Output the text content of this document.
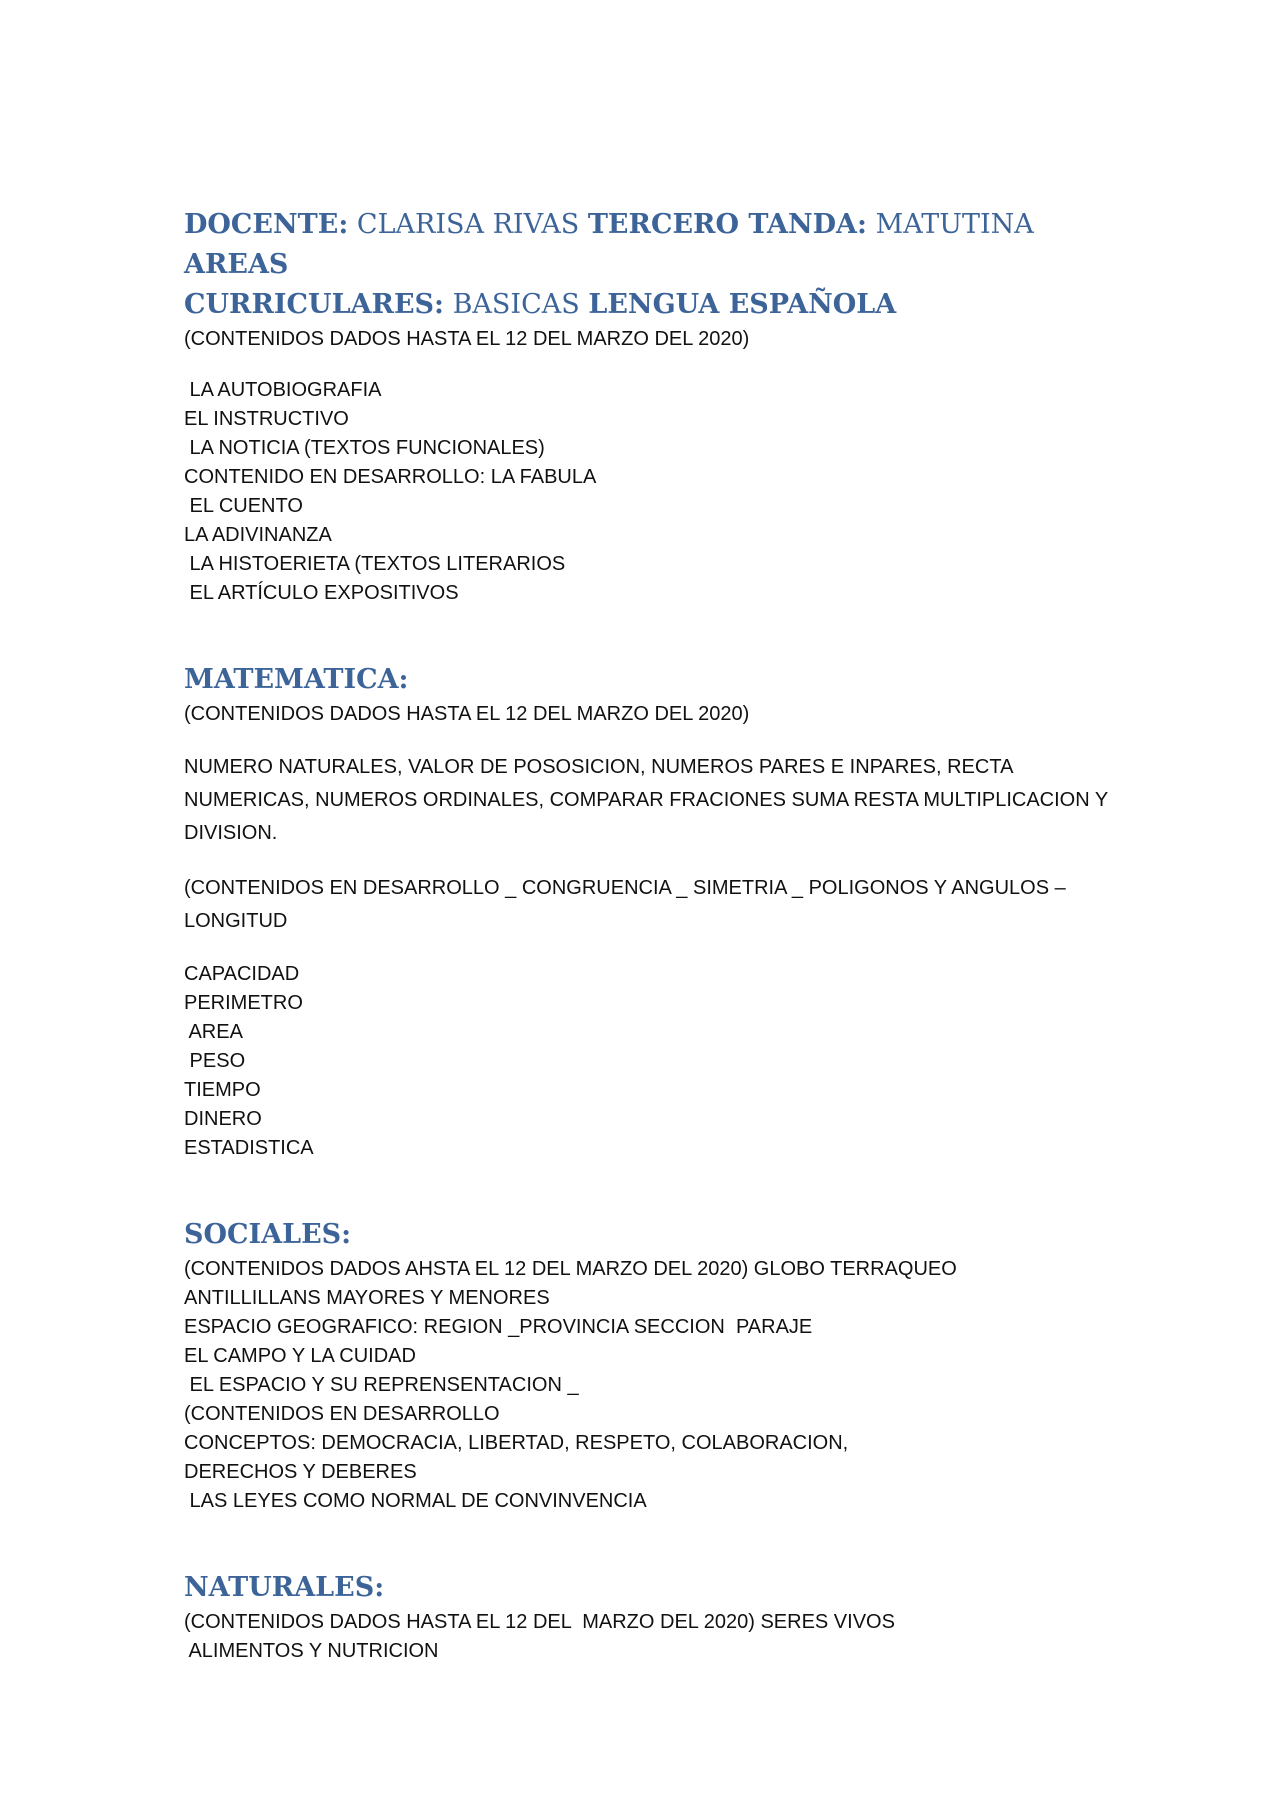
DOCENTE: CLARISA RIVAS TERCERO TANDA: MATUTINA AREAS

CURRICULARES: BASICAS LENGUA ESPAÑOLA

(CONTENIDOS DADOS HASTA EL 12 DEL MARZO DEL 2020)

LA AUTOBIOGRAFIA
EL INSTRUCTIVO
LA NOTICIA (TEXTOS FUNCIONALES)
CONTENIDO EN DESARROLLO: LA FABULA
EL CUENTO
LA ADIVINANZA
LA HISTOERIETA (TEXTOS LITERARIOS
EL ARTÍCULO EXPOSITIVOS

MATEMATICA:

(CONTENIDOS DADOS HASTA EL 12 DEL MARZO DEL 2020)

NUMERO NATURALES, VALOR DE POSOSICION, NUMEROS PARES E INPARES, RECTA NUMERICAS, NUMEROS ORDINALES, COMPARAR FRACIONES SUMA RESTA MULTIPLICACION Y DIVISION.

(CONTENIDOS EN DESARROLLO _ CONGRUENCIA _ SIMETRIA _ POLIGONOS Y ANGULOS – LONGITUD

CAPACIDAD
PERIMETRO
AREA
PESO
TIEMPO
DINERO
ESTADISTICA

SOCIALES:

(CONTENIDOS DADOS AHSTA EL 12 DEL MARZO DEL 2020) GLOBO TERRAQUEO
ANTILLILLANS MAYORES Y MENORES
ESPACIO GEOGRAFICO: REGION _PROVINCIA SECCION  PARAJE
EL CAMPO Y LA CUIDAD
EL ESPACIO Y SU REPRENSENTACION _
(CONTENIDOS EN DESARROLLO
CONCEPTOS: DEMOCRACIA, LIBERTAD, RESPETO, COLABORACION,
DERECHOS Y DEBERES
LAS LEYES COMO NORMAL DE CONVINVENCIA

NATURALES:

(CONTENIDOS DADOS HASTA EL 12 DEL  MARZO DEL 2020) SERES VIVOS
ALIMENTOS Y NUTRICION
